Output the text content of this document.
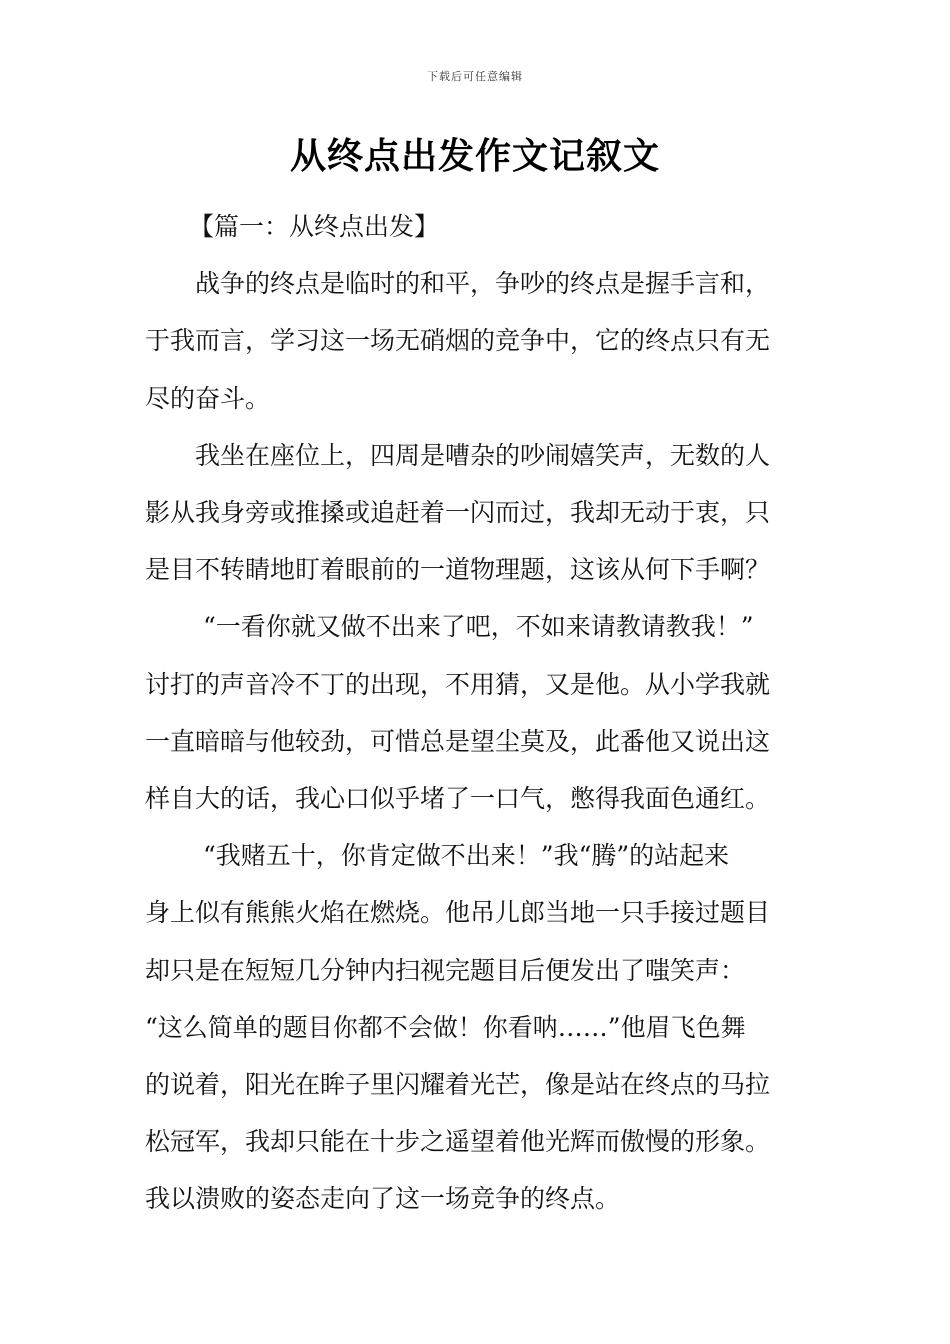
下载后可任意编辑
从终点出发作文记叙文

【篇一：从终点出发】

战争的终点是临时的和平，争吵的终点是握手言和，

于我而言，学习这一场无硝烟的竞争中，它的终点只有无

尽的奋斗。

我坐在座位上，四周是嘈杂的吵闹嬉笑声，无数的人

影从我身旁或推搡或追赶着一闪而过，我却无动于衷，只

是目不转睛地盯着眼前的一道物理题，这该从何下手啊？

“一看你就又做不出来了吧，不如来请教请教我！”

讨打的声音冷不丁的出现，不用猜，又是他。从小学我就

一直暗暗与他较劲，可惜总是望尘莫及，此番他又说出这

样自大的话，我心口似乎堵了一口气，憋得我面色通红。

“我赌五十，你肯定做不出来！”我“腾”的站起来

身上似有熊熊火焰在燃烧。他吊儿郎当地一只手接过题目

却只是在短短几分钟内扫视完题目后便发出了嗤笑声：

“这么简单的题目你都不会做！你看呐……”他眉飞色舞

的说着，阳光在眸子里闪耀着光芒，像是站在终点的马拉

松冠军，我却只能在十步之遥望着他光辉而傲慢的形象。

我以溃败的姿态走向了这一场竞争的终点。
